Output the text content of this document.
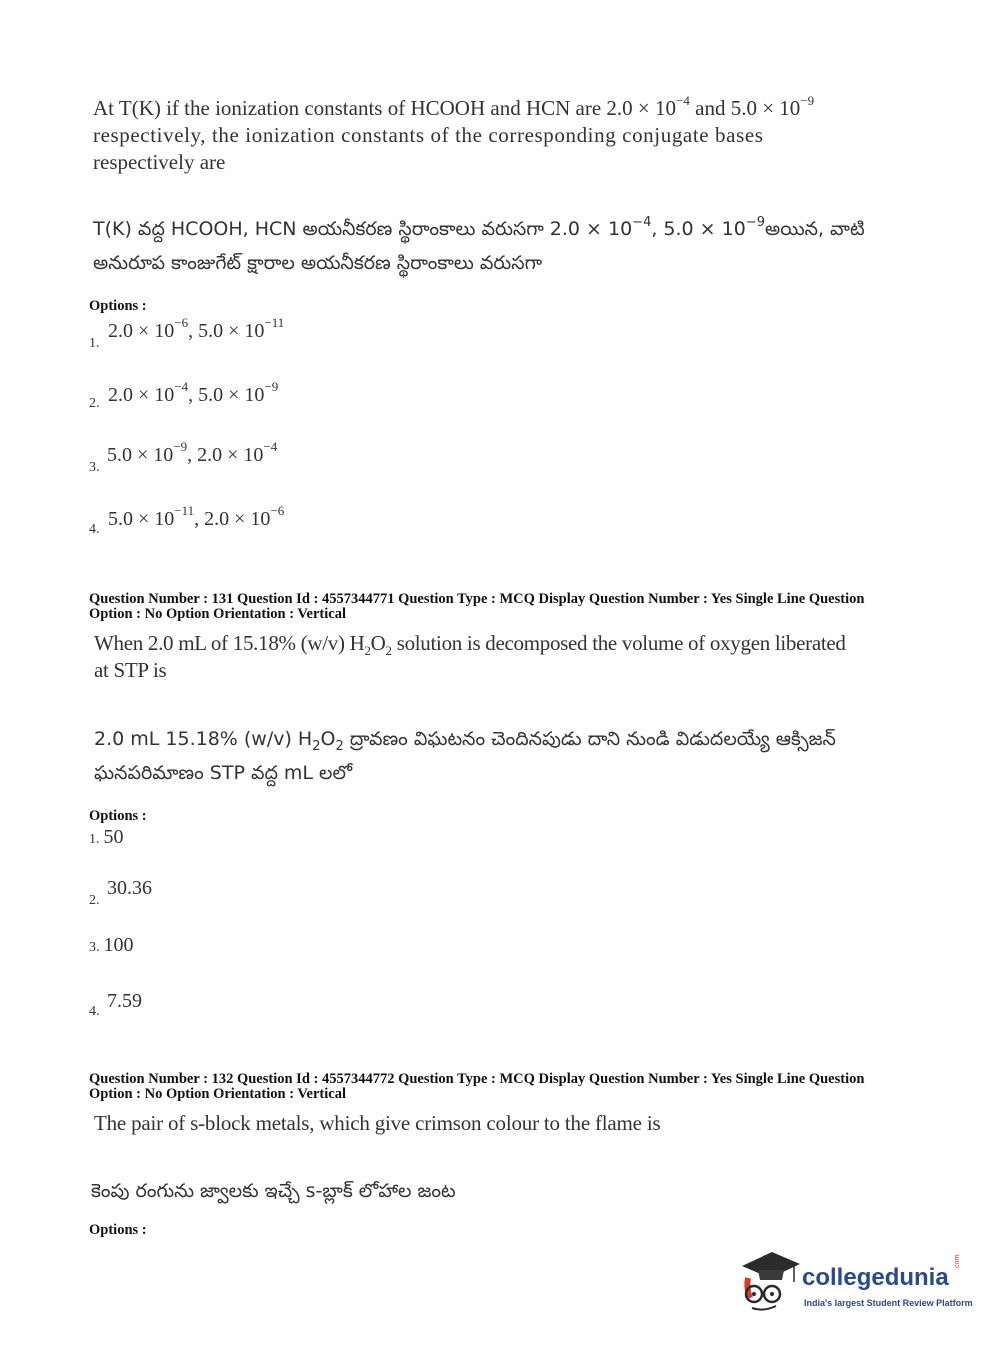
At T(K) if the ionization constants of HCOOH and HCN are $2.0 \times 10^{-4}$ and $5.0 \times 10^{-9}$
respectively, the ionization constants of the corresponding conjugate bases
respectively are
T(K) వద్ద HCOOH, HCN అయనీకరణ స్థిరాంకాలు వరుసగా $2.0 \times 10^{-4}$, $5.0 \times 10^{-9}అయిన$, వాటి
అనురూప కాంజుగేట్ క్షారాల అయనీకరణ స్థిరాంకాలు వరుసగా
Options :
1.
$2.0 \times 10^{-6}$, $5.0 \times 10^{-11}$
2. $2.0 \times 10^{-4}$, $5.0 \times 10^{-9}$
3.
$5.0 \times 10^{-9}$, $2.0 \times 10^{-4}$
4. $5.0 \times 10^{-11}$, $2.0 \times 10^{-6}$
Question Number : 131 Question Id : 4557344771 Question Type : MCQ Display Question Number : Yes Single Line Question
Option : No Option Orientation : Vertical
When 2.0 mL of 15.18% (w/v) $H_2O_2$ solution is decomposed the volume of oxygen liberated
at STP is
2.0 mL 15.18% (w/v) $H_2O_2$ ద్రావణం విఘటనం చెందినపుడు దాని నుండి విడుదలయ్యే ఆక్సిజన్
ఘనపరిమాణం STP వద్ద mL లలో
Options :
1. 50
2.
30.36
3. 100
4. 7.59
Question Number : 132 Question Id : 4557344772 Question Type : MCQ Display Question Number : Yes Single Line Question
Option : No Option Orientation : Vertical
The pair of s-block metals, which give crimson colour to the flame is
కెంపు రంగును జ్వాలకు ఇచ్చే s-బ్లాక్ లోహాల జంట
Options :
collegedunia
.com
India's largest Student Review Platform
